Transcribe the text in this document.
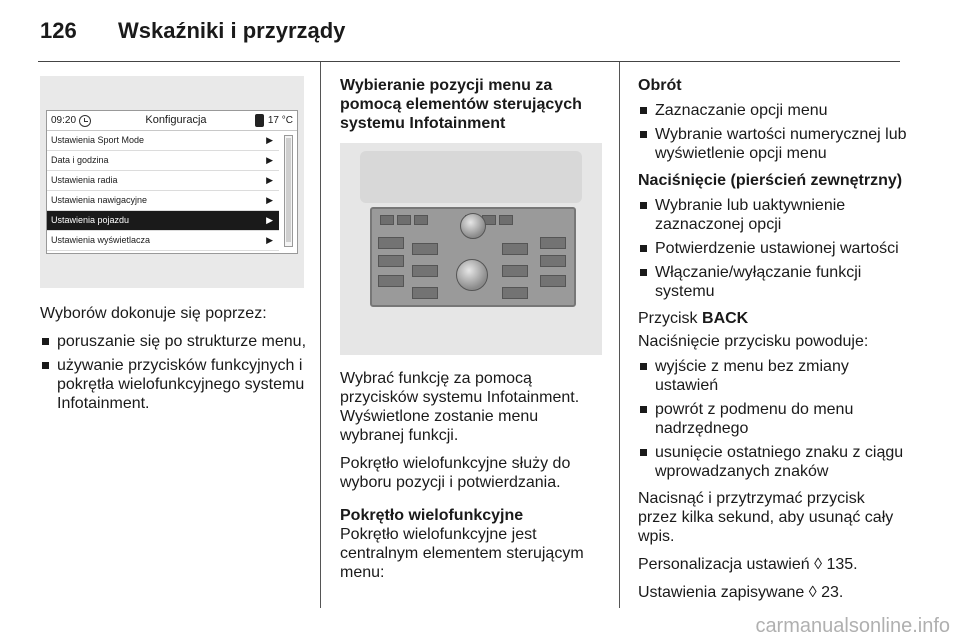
126	Wskaźniki i przyrządy
09:20	Konfiguracja	17 °C
Ustawienia Sport Mode	▶
Data i godzina	▶
Ustawienia radia	▶
Ustawienia nawigacyjne	▶
Ustawienia pojazdu	▶
Ustawienia wyświetlacza	▶

Wyborów dokonuje się poprzez:

poruszanie się po strukturze menu,
używanie przycisków funkcyjnych i pokrętła wielofunkcyjnego systemu Infotainment.
Wybieranie pozycji menu za pomocą elementów sterujących systemu Infotainment

Wybrać funkcję za pomocą przycisków systemu Infotainment. Wyświetlone zostanie menu wybranej funkcji.

Pokrętło wielofunkcyjne służy do wyboru pozycji i potwierdzania.

Pokrętło wielofunkcyjne

Pokrętło wielofunkcyjne jest centralnym elementem sterującym menu:

Obrót
Zaznaczanie opcji menu
Wybranie wartości numerycznej lub wyświetlenie opcji menu
Naciśnięcie (pierścień zewnętrzny)
Wybranie lub uaktywnienie zaznaczonej opcji
Potwierdzenie ustawionej wartości
Włączanie/wyłączanie funkcji systemu

Przycisk BACK

Naciśnięcie przycisku powoduje:

wyjście z menu bez zmiany ustawień
powrót z podmenu do menu nadrzędnego
usunięcie ostatniego znaku z ciągu wprowadzanych znaków

Nacisnąć i przytrzymać przycisk przez kilka sekund, aby usunąć cały wpis.

Personalizacja ustawień ◊ 135.

Ustawienia zapisywane ◊ 23.

carmanualsonline.info
